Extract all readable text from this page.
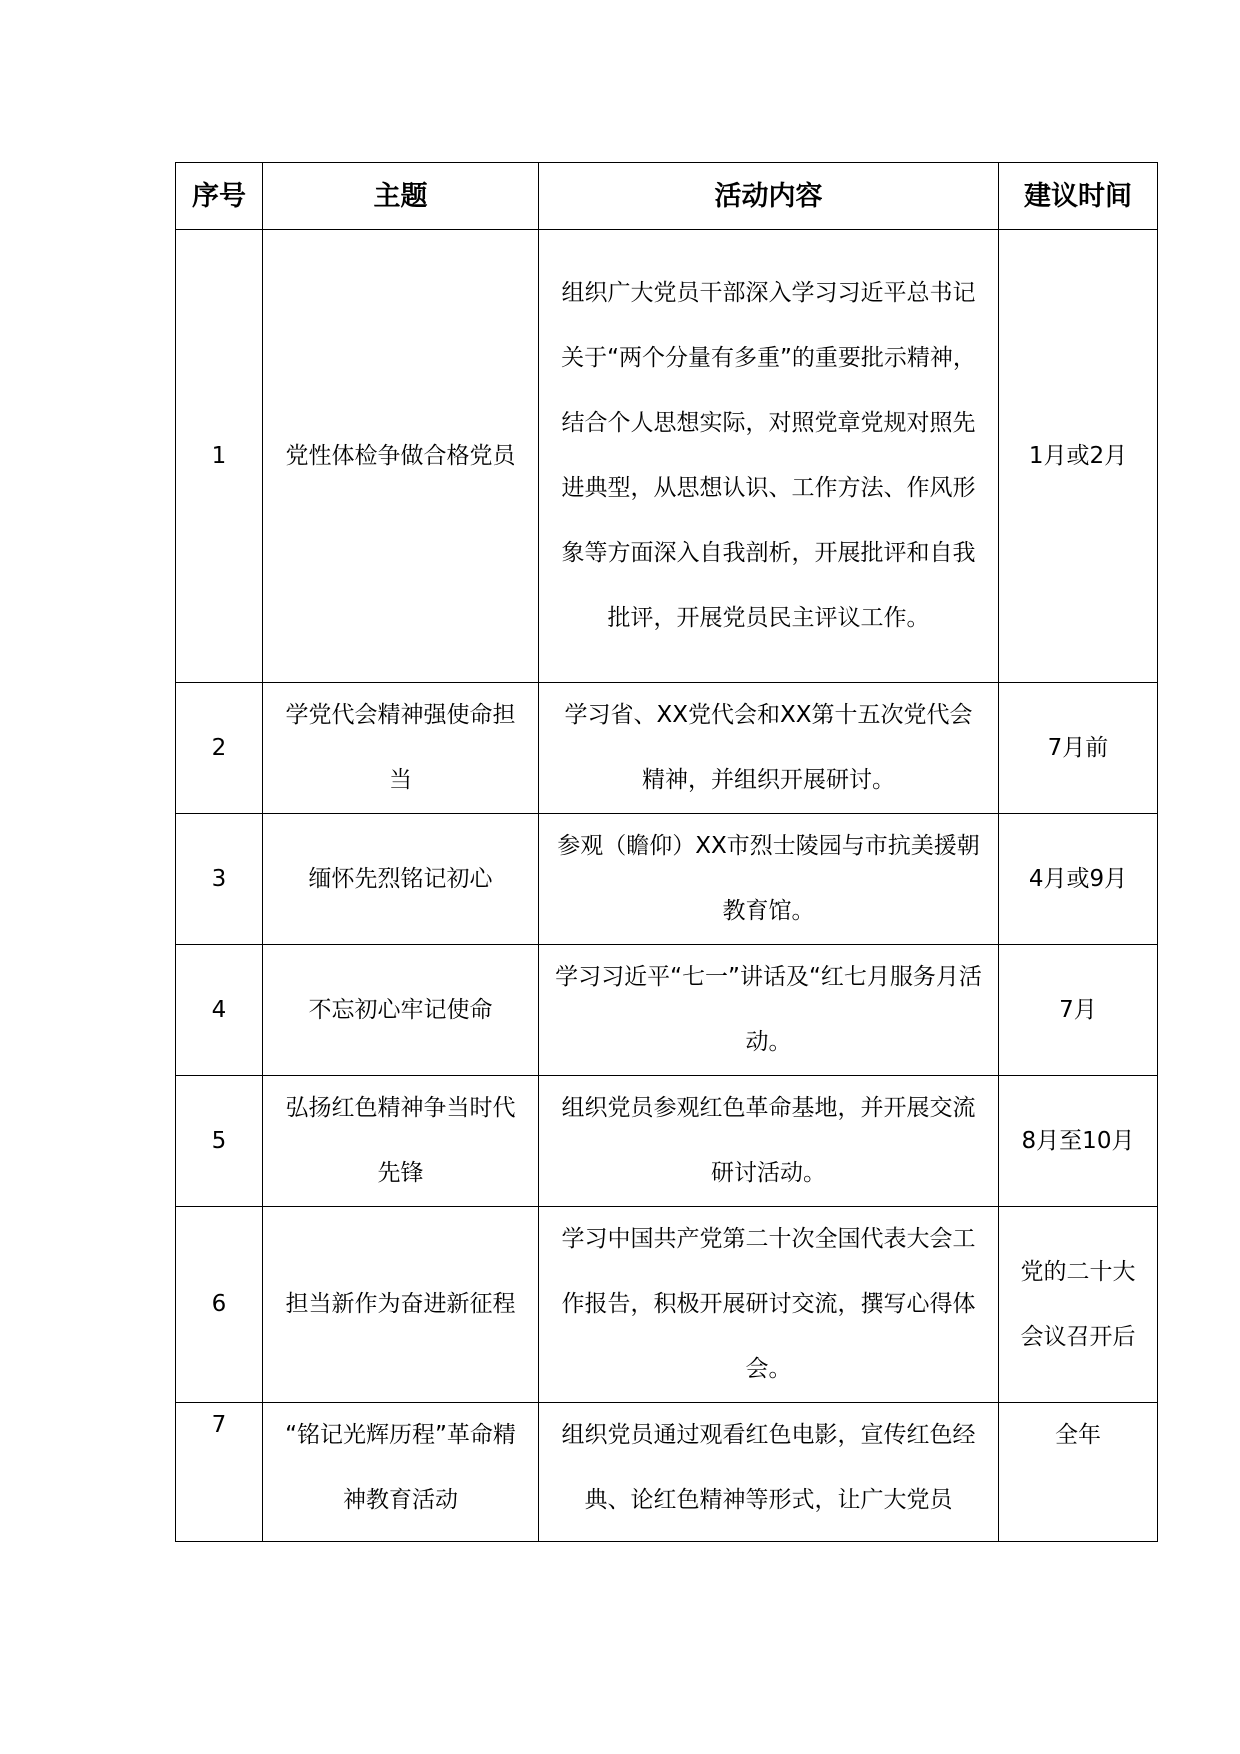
序号	主题	活动内容	建议时间
1	党性体检争做合格党员	组织广大党员干部深入学习习近平总书记关于“两个分量有多重”的重要批示精神，结合个人思想实际，对照党章党规对照先进典型，从思想认识、工作方法、作风形象等方面深入自我剖析，开展批评和自我批评，开展党员民主评议工作。	1月或2月
2	学党代会精神强使命担当	学习省、XX党代会和XX第十五次党代会精神，并组织开展研讨。	7月前
3	缅怀先烈铭记初心	参观（瞻仰）XX市烈士陵园与市抗美援朝教育馆。	4月或9月
4	不忘初心牢记使命	学习习近平“七一”讲话及“红七月服务月活动。	7月
5	弘扬红色精神争当时代先锋	组织党员参观红色革命基地，并开展交流研讨活动。	8月至10月
6	担当新作为奋进新征程	学习中国共产党第二十次全国代表大会工作报告，积极开展研讨交流，撰写心得体会。	党的二十大会议召开后
7	“铭记光辉历程”革命精神教育活动	组织党员通过观看红色电影，宣传红色经典、论红色精神等形式，让广大党员	全年
